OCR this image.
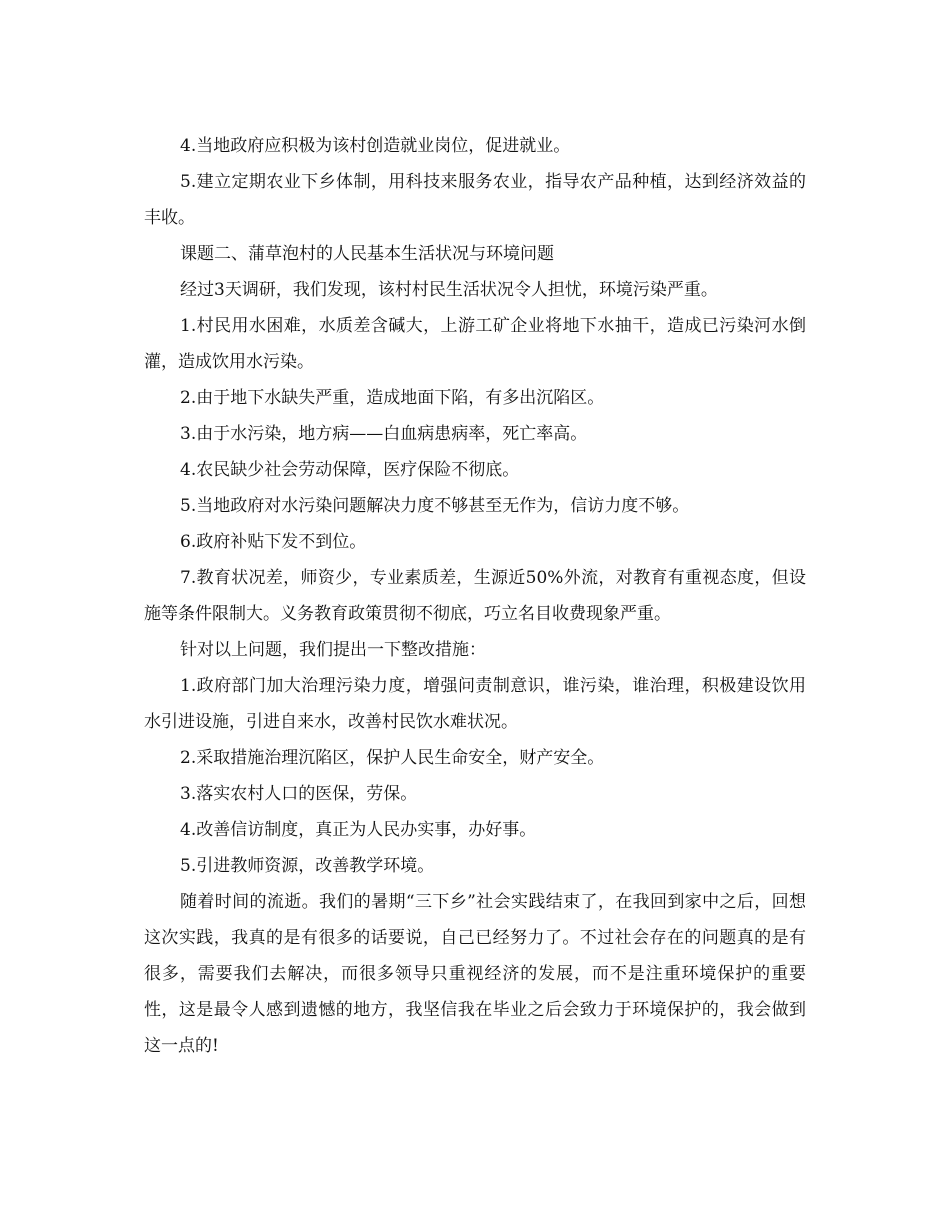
4.当地政府应积极为该村创造就业岗位，促进就业。

5.建立定期农业下乡体制，用科技来服务农业，指导农产品种植，达到经济效益的丰收。

课题二、蒲草泡村的人民基本生活状况与环境问题

经过3天调研，我们发现，该村村民生活状况令人担忧，环境污染严重。

1.村民用水困难，水质差含碱大，上游工矿企业将地下水抽干，造成已污染河水倒灌，造成饮用水污染。

2.由于地下水缺失严重，造成地面下陷，有多出沉陷区。

3.由于水污染，地方病——白血病患病率，死亡率高。

4.农民缺少社会劳动保障，医疗保险不彻底。

5.当地政府对水污染问题解决力度不够甚至无作为，信访力度不够。

6.政府补贴下发不到位。

7.教育状况差，师资少，专业素质差，生源近50%外流，对教育有重视态度，但设施等条件限制大。义务教育政策贯彻不彻底，巧立名目收费现象严重。

针对以上问题，我们提出一下整改措施：

1.政府部门加大治理污染力度，增强问责制意识，谁污染，谁治理，积极建设饮用水引进设施，引进自来水，改善村民饮水难状况。

2.采取措施治理沉陷区，保护人民生命安全，财产安全。

3.落实农村人口的医保，劳保。

4.改善信访制度，真正为人民办实事，办好事。

5.引进教师资源，改善教学环境。

随着时间的流逝。我们的暑期“三下乡”社会实践结束了，在我回到家中之后，回想这次实践，我真的是有很多的话要说，自己已经努力了。不过社会存在的问题真的是有很多，需要我们去解决，而很多领导只重视经济的发展，而不是注重环境保护的重要性，这是最令人感到遗憾的地方，我坚信我在毕业之后会致力于环境保护的，我会做到这一点的!
